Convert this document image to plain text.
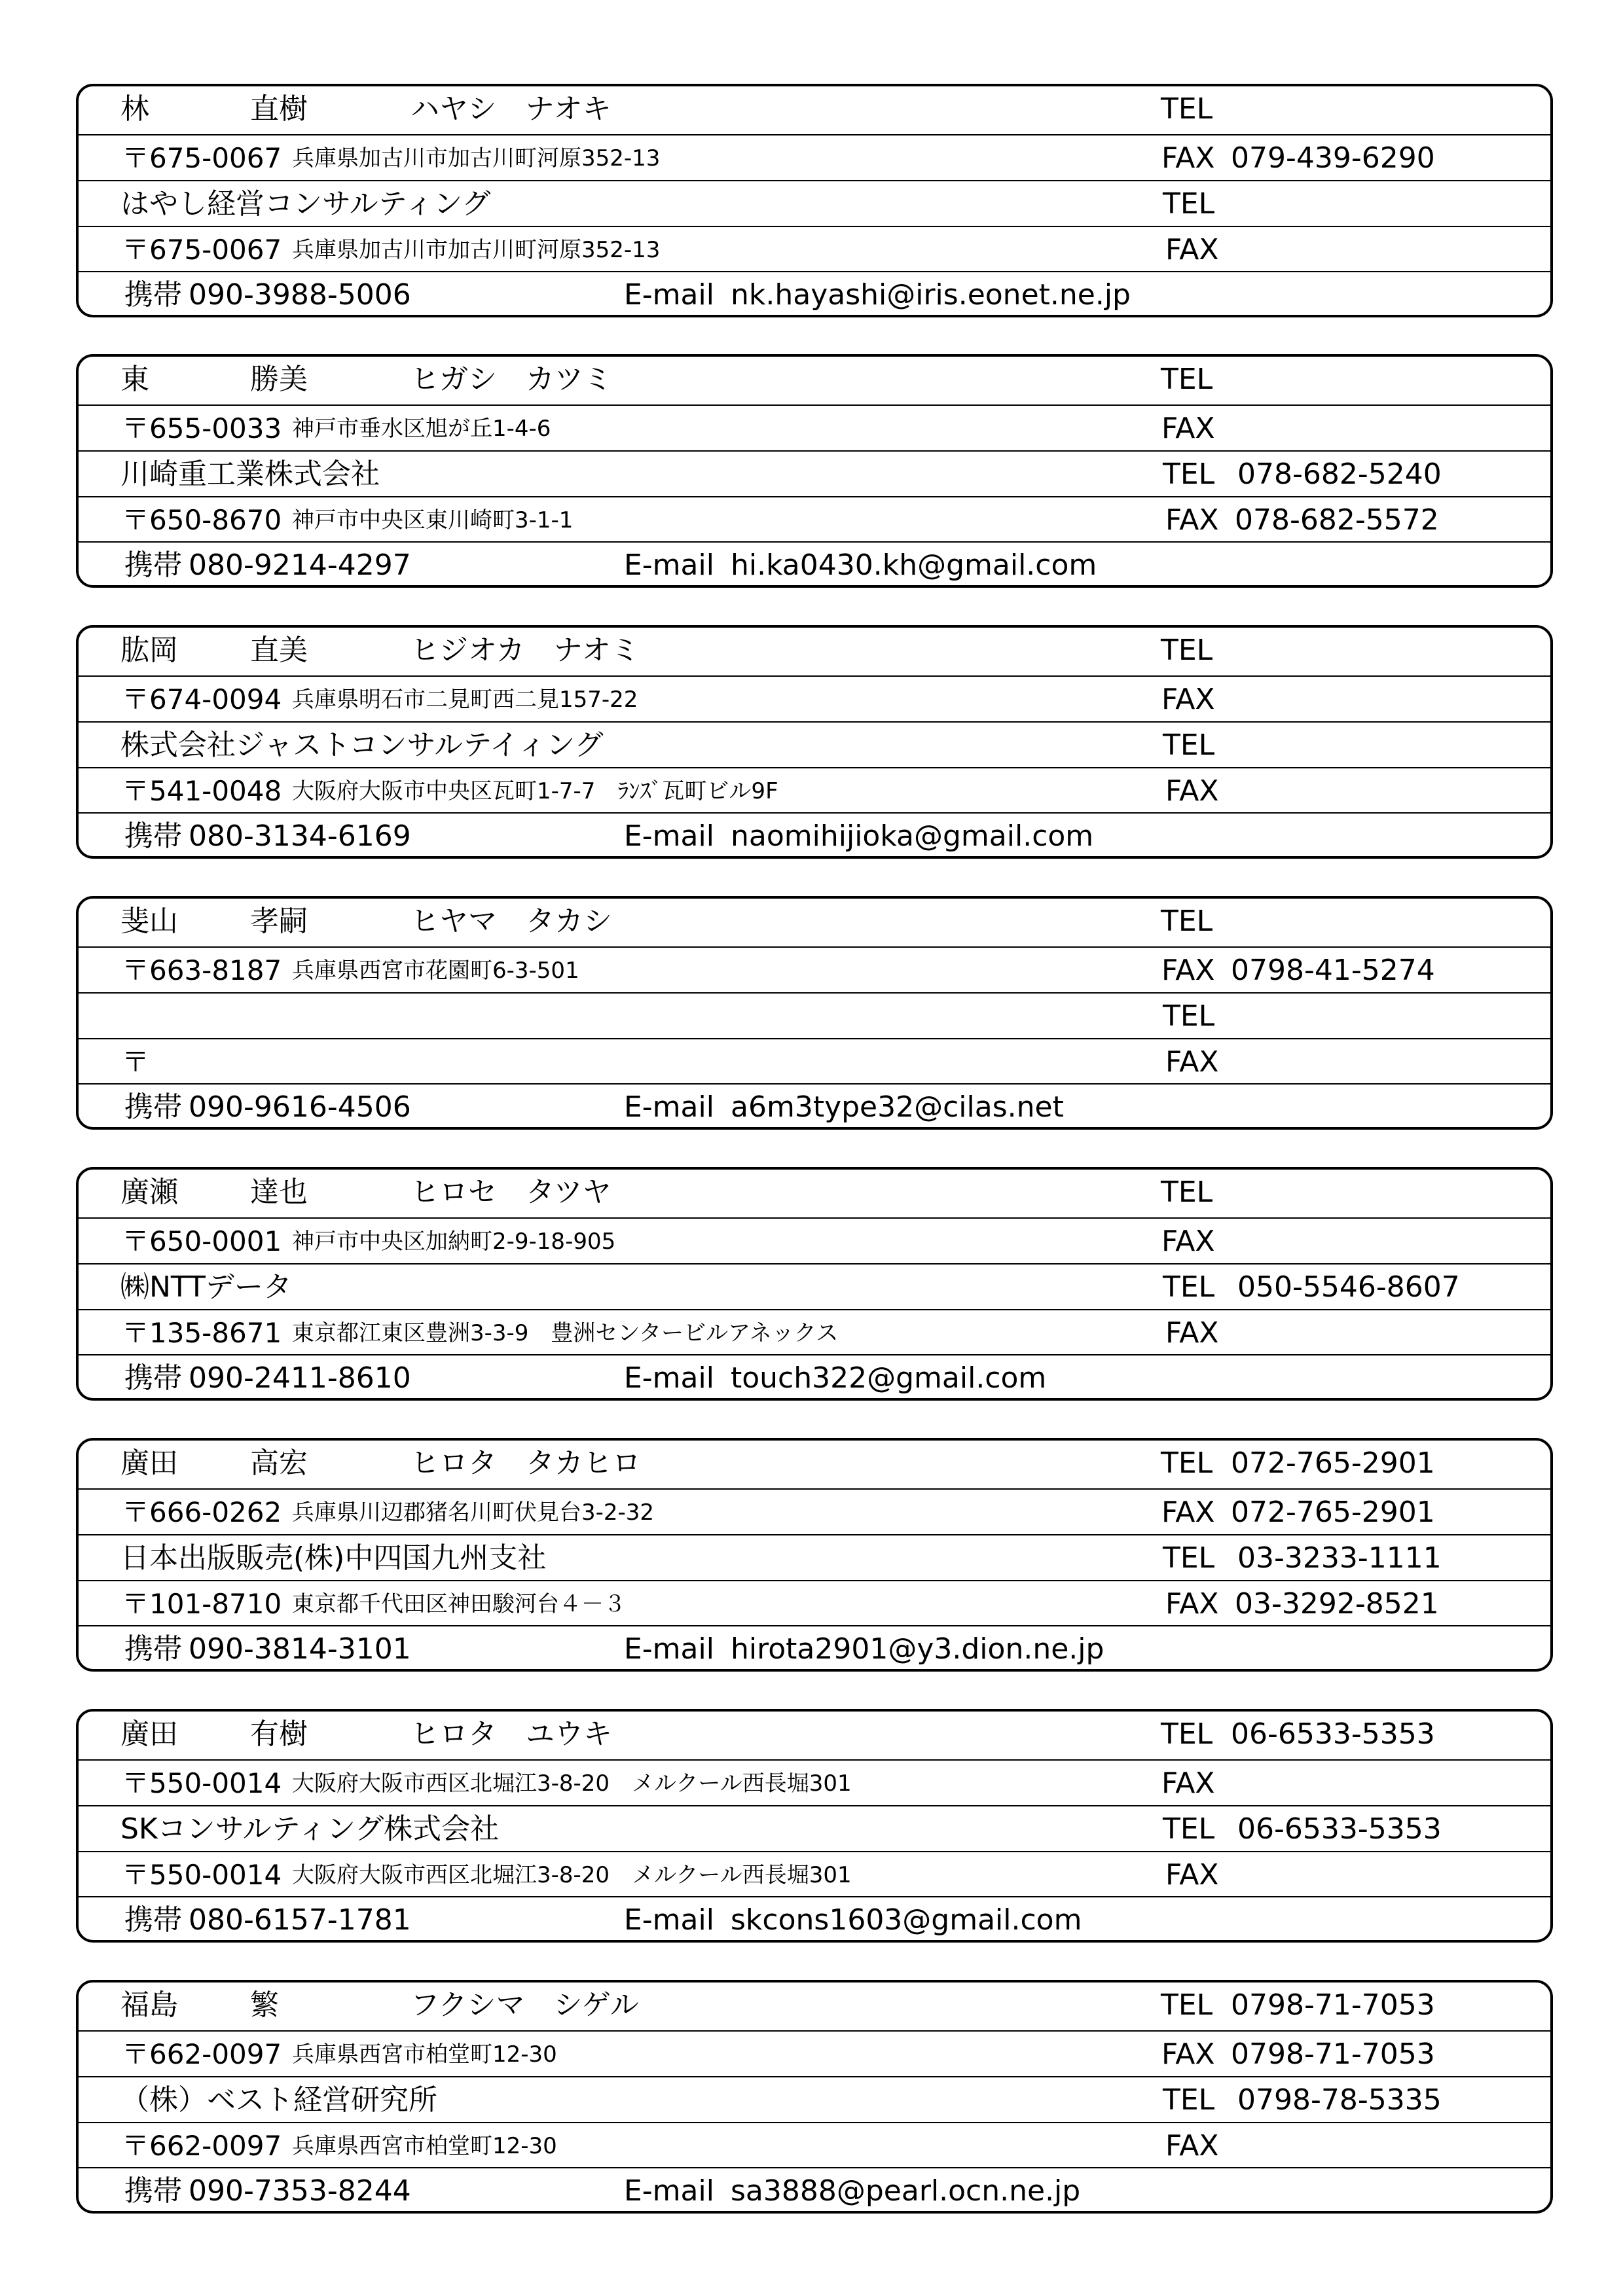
林	直樹	ハヤシ　ナオキ	TEL
〒 675-0067 兵庫県加古川市加古川町河原352-13	FAX 079-439-6290
はやし経営コンサルティング	TEL
〒 675-0067 兵庫県加古川市加古川町河原352-13	FAX
携帯 090-3988-5006	E-mail nk.hayashi@iris.eonet.ne.jp
東	勝美	ヒガシ　カツミ	TEL
〒 655-0033 神戸市垂水区旭が丘1-4-6	FAX
川崎重工業株式会社	TEL 078-682-5240
〒 650-8670 神戸市中央区東川崎町3-1-1	FAX 078-682-5572
携帯 080-9214-4297	E-mail hi.ka0430.kh@gmail.com
肱岡	直美	ヒジオカ　ナオミ	TEL
〒 674-0094 兵庫県明石市二見町西二見157-22	FAX
株式会社ジャストコンサルテイィング	TEL
〒 541-0048 大阪府大阪市中央区瓦町1-7-7　ﾗﾝｽﾞ瓦町ビル9F	FAX
携帯 080-3134-6169	E-mail naomihijioka@gmail.com
斐山	孝嗣	ヒヤマ　タカシ	TEL
〒 663-8187 兵庫県西宮市花園町6-3-501	FAX 0798-41-5274
TEL
〒	FAX
携帯 090-9616-4506	E-mail a6m3type32@cilas.net
廣瀬	達也	ヒロセ　タツヤ	TEL
〒 650-0001 神戸市中央区加納町2-9-18-905	FAX
㈱NTTデータ	TEL 050-5546-8607
〒 135-8671 東京都江東区豊洲3-3-9　豊洲センタービルアネックス	FAX
携帯 090-2411-8610	E-mail touch322@gmail.com
廣田	高宏	ヒロタ　タカヒロ	TEL 072-765-2901
〒 666-0262 兵庫県川辺郡猪名川町伏見台3-2-32	FAX 072-765-2901
日本出版販売(株)中四国九州支社	TEL 03-3233-1111
〒 101-8710 東京都千代田区神田駿河台４－３	FAX 03-3292-8521
携帯 090-3814-3101	E-mail hirota2901@y3.dion.ne.jp
廣田	有樹	ヒロタ　ユウキ	TEL 06-6533-5353
〒 550-0014 大阪府大阪市西区北堀江3-8-20　メルクール西長堀301	FAX
SKコンサルティング株式会社	TEL 06-6533-5353
〒 550-0014 大阪府大阪市西区北堀江3-8-20　メルクール西長堀301	FAX
携帯 080-6157-1781	E-mail skcons1603@gmail.com
福島	繁	フクシマ　シゲル	TEL 0798-71-7053
〒 662-0097 兵庫県西宮市柏堂町12-30	FAX 0798-71-7053
（株）ベスト経営研究所	TEL 0798-78-5335
〒 662-0097 兵庫県西宮市柏堂町12-30	FAX
携帯 090-7353-8244	E-mail sa3888@pearl.ocn.ne.jp
